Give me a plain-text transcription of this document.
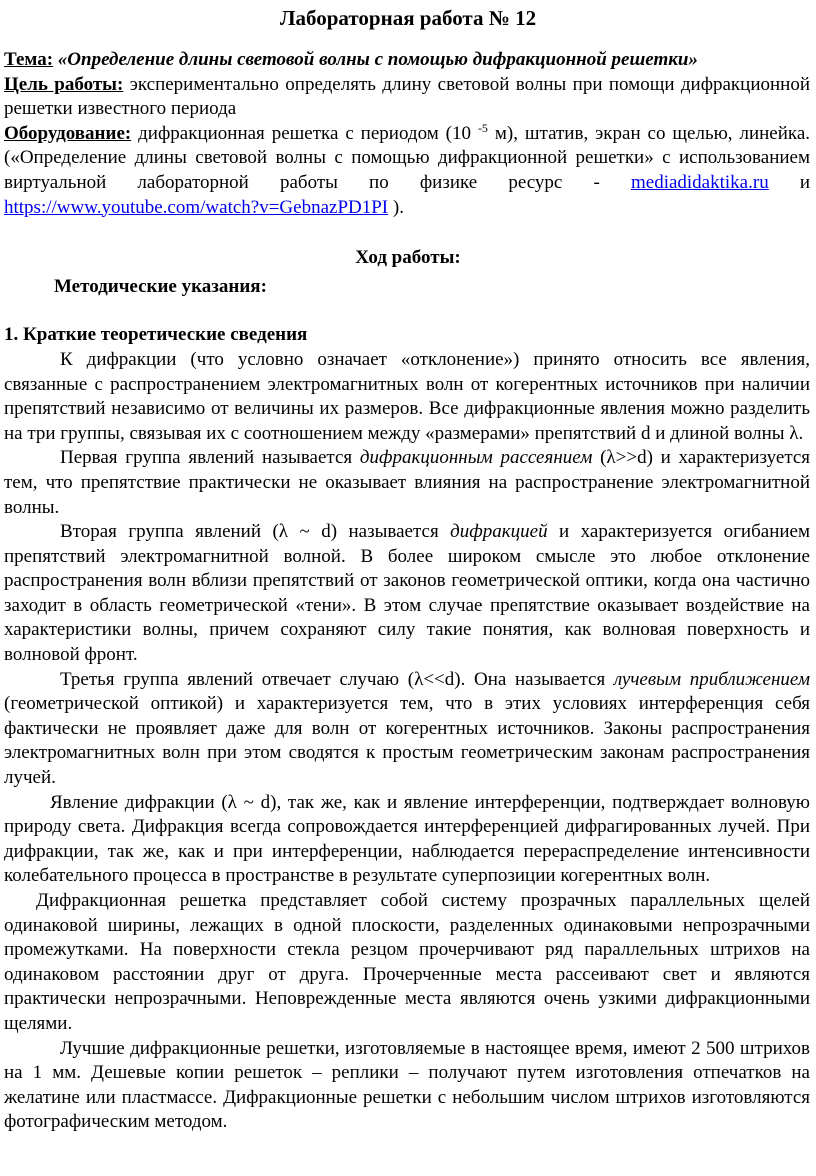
Лабораторная работа № 12
Тема: «Определение длины световой волны с помощью дифракционной решетки»
Цель работы: экспериментально определять длину световой волны при помощи дифракционной решетки известного периода
Оборудование: дифракционная решетка с периодом (10 $^{-5}$ м), штатив, экран со щелью, линейка. («Определение длины световой волны с помощью дифракционной решетки» с использованием виртуальной лабораторной работы по физике ресурс - mediadidaktika.ru и https://www.youtube.com/watch?v=GebnazPD1PI ).
Ход работы:
Методические указания:
1. Краткие теоретические сведения
К дифракции (что условно означает «отклонение») принято относить все явления, связанные с распространением электромагнитных волн от когерентных источников при наличии препятствий независимо от величины их размеров. Все дифракционные явления можно разделить на три группы, связывая их с соотношением между «размерами» препятствий d и длиной волны λ.
Первая группа явлений называется дифракционным рассеянием (λ>>d) и характеризуется тем, что препятствие практически не оказывает влияния на распространение электромагнитной волны.
Вторая группа явлений (λ ~ d) называется дифракцией и характеризуется огибанием препятствий электромагнитной волной. В более широком смысле это любое отклонение распространения волн вблизи препятствий от законов геометрической оптики, когда она частично заходит в область геометрической «тени». В этом случае препятствие оказывает воздействие на характеристики волны, причем сохраняют силу такие понятия, как волновая поверхность и волновой фронт.
Третья группа явлений отвечает случаю (λ<<d). Она называется лучевым приближением (геометрической оптикой) и характеризуется тем, что в этих условиях интерференция себя фактически не проявляет даже для волн от когерентных источников. Законы распространения электромагнитных волн при этом сводятся к простым геометрическим законам распространения лучей.
Явление дифракции (λ ~ d), так же, как и явление интерференции, подтверждает волновую природу света. Дифракция всегда сопровождается интерференцией дифрагированных лучей. При дифракции, так же, как и при интерференции, наблюдается перераспределение интенсивности колебательного процесса в пространстве в результате суперпозиции когерентных волн.
Дифракционная решетка представляет собой систему прозрачных параллельных щелей одинаковой ширины, лежащих в одной плоскости, разделенных одинаковыми непрозрачными промежутками. На поверхности стекла резцом прочерчивают ряд параллельных штрихов на одинаковом расстоянии друг от друга. Прочерченные места рассеивают свет и являются практически непрозрачными. Неповрежденные места являются очень узкими дифракционными щелями.
Лучшие дифракционные решетки, изготовляемые в настоящее время, имеют 2 500 штрихов на 1 мм. Дешевые копии решеток – реплики – получают путем изготовления отпечатков на желатине или пластмассе. Дифракционные решетки с небольшим числом штрихов изготовляются фотографическим методом.
